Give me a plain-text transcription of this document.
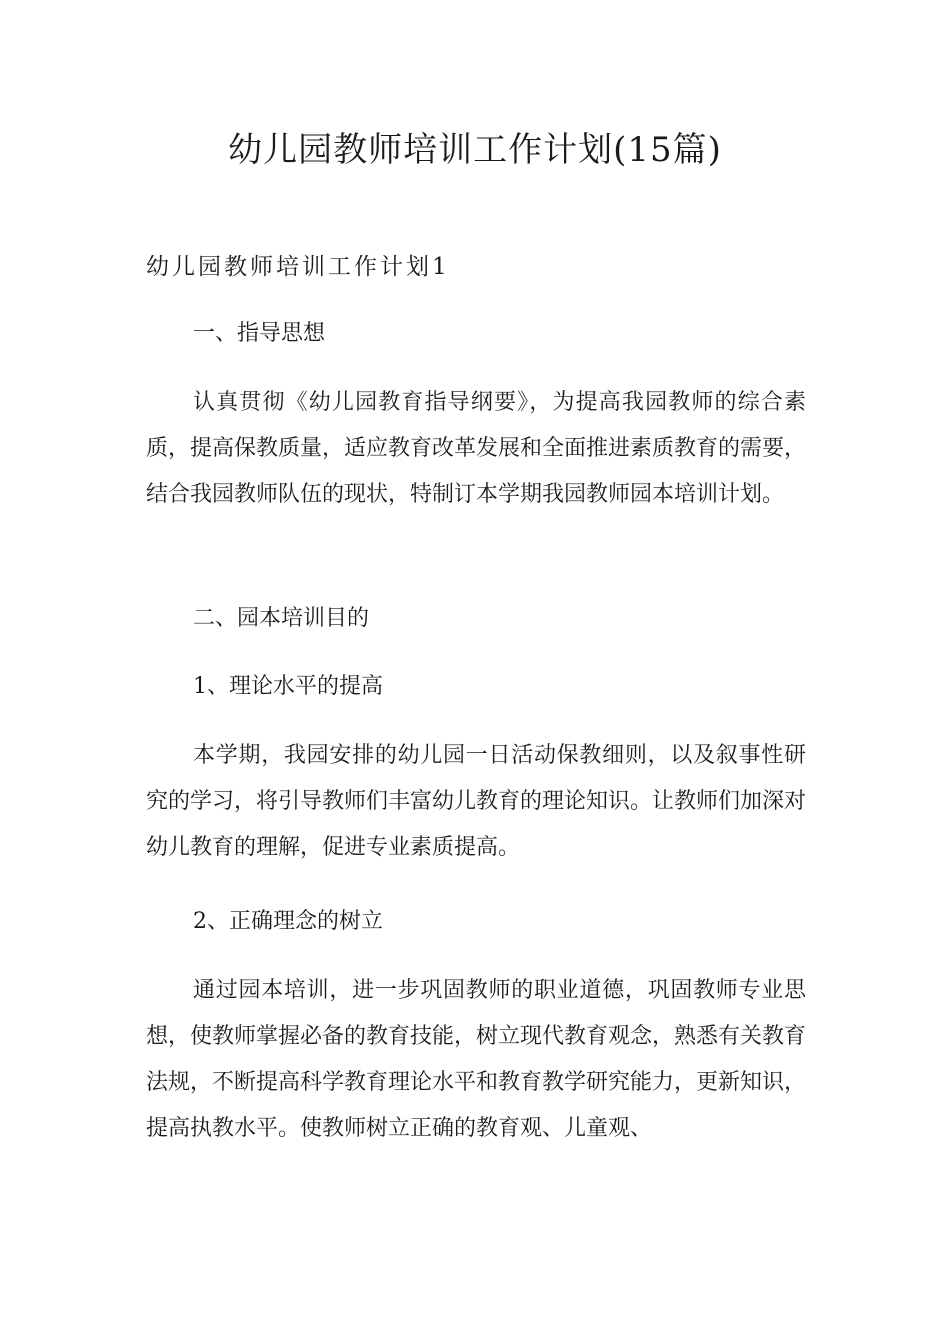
幼儿园教师培训工作计划(15篇)
幼儿园教师培训工作计划1

一、指导思想

认真贯彻《幼儿园教育指导纲要》，为提高我园教师的综合素质，提高保教质量，适应教育改革发展和全面推进素质教育的需要，结合我园教师队伍的现状，特制订本学期我园教师园本培训计划。

二、园本培训目的

1、理论水平的提高

本学期，我园安排的幼儿园一日活动保教细则，以及叙事性研究的学习，将引导教师们丰富幼儿教育的理论知识。让教师们加深对幼儿教育的理解，促进专业素质提高。

2、正确理念的树立

通过园本培训，进一步巩固教师的职业道德，巩固教师专业思想，使教师掌握必备的教育技能，树立现代教育观念，熟悉有关教育法规，不断提高科学教育理论水平和教育教学研究能力，更新知识，提高执教水平。使教师树立正确的教育观、儿童观、
